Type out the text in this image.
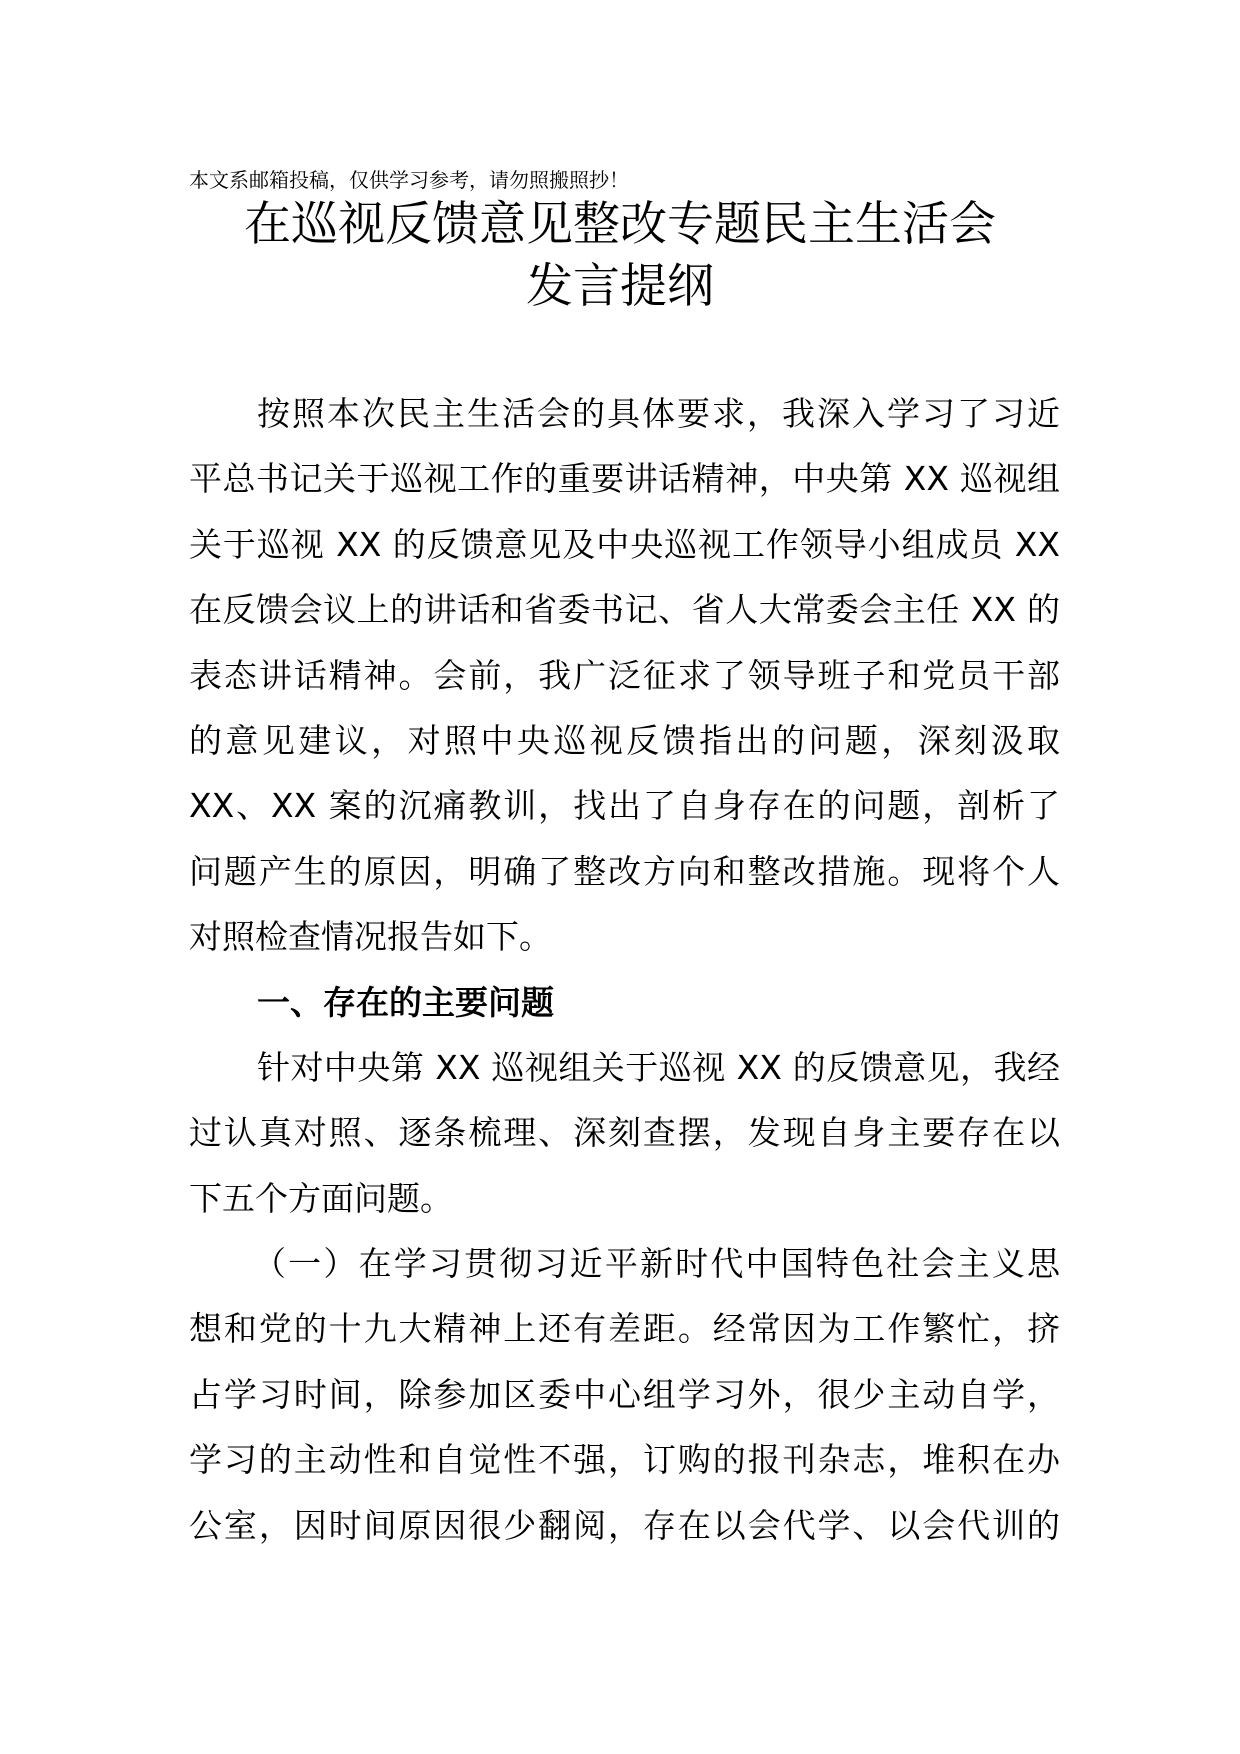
本文系邮箱投稿，仅供学习参考，请勿照搬照抄！
在巡视反馈意见整改专题民主生活会
发言提纲
按照本次民主生活会的具体要求，我深入学习了习近
平总书记关于巡视工作的重要讲话精神，中央第 XX 巡视组
关于巡视 XX 的反馈意见及中央巡视工作领导小组成员 XX
在反馈会议上的讲话和省委书记、省人大常委会主任 XX 的
表态讲话精神。会前，我广泛征求了领导班子和党员干部
的意见建议，对照中央巡视反馈指出的问题，深刻汲取
XX、XX 案的沉痛教训，找出了自身存在的问题，剖析了
问题产生的原因，明确了整改方向和整改措施。现将个人
对照检查情况报告如下。
一、存在的主要问题
针对中央第 XX 巡视组关于巡视 XX 的反馈意见，我经
过认真对照、逐条梳理、深刻查摆，发现自身主要存在以
下五个方面问题。
（一）在学习贯彻习近平新时代中国特色社会主义思
想和党的十九大精神上还有差距。经常因为工作繁忙，挤
占学习时间，除参加区委中心组学习外，很少主动自学，
学习的主动性和自觉性不强，订购的报刊杂志，堆积在办
公室，因时间原因很少翻阅，存在以会代学、以会代训的
